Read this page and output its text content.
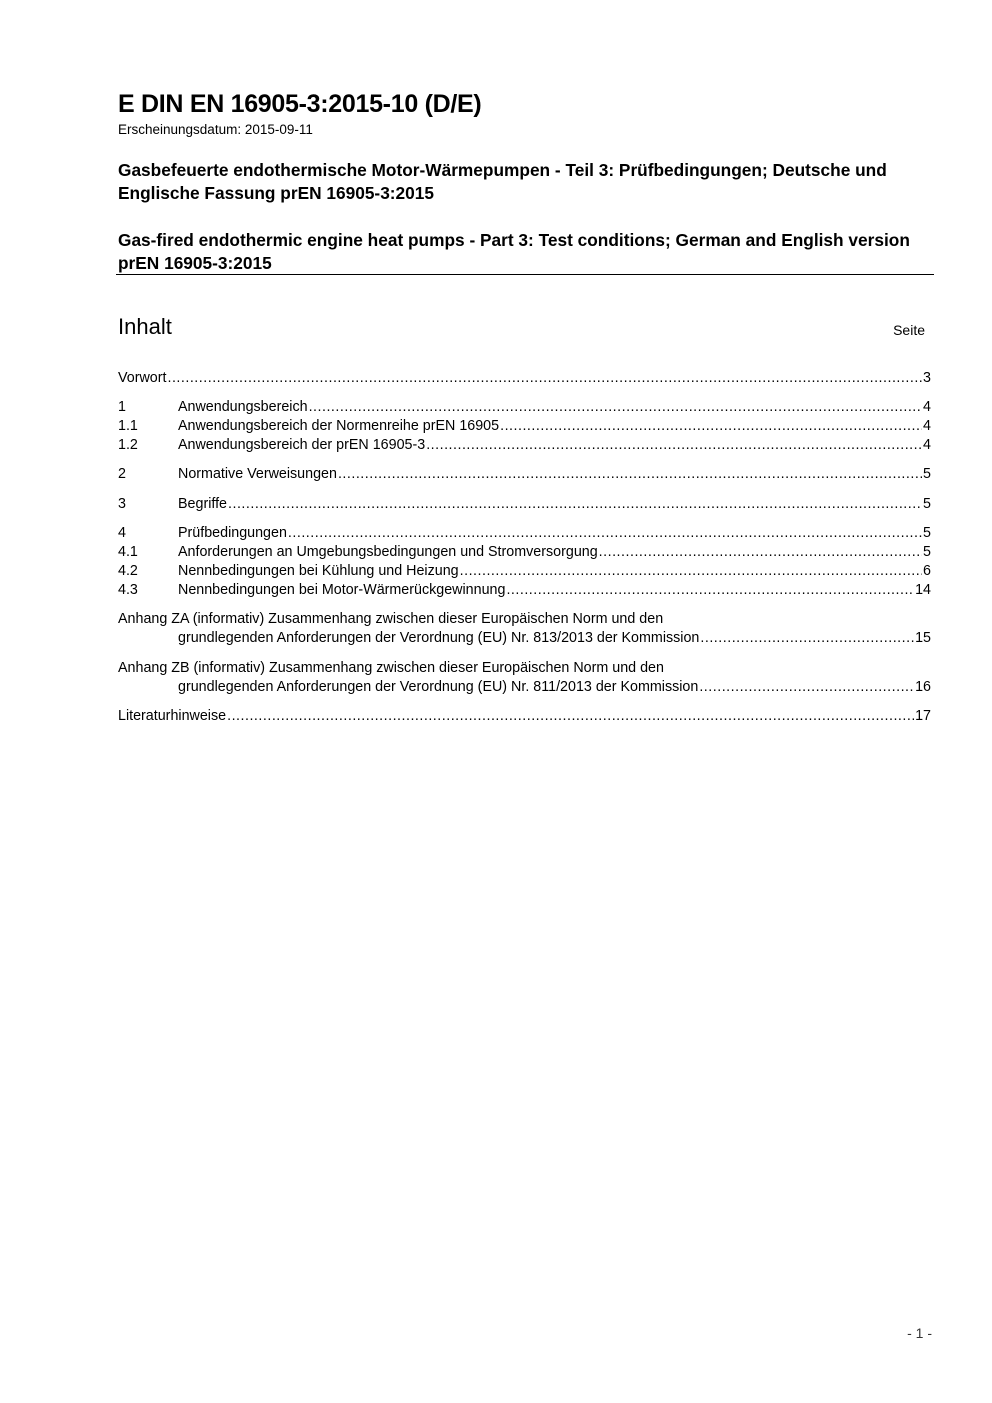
E DIN EN 16905-3:2015-10 (D/E)
Erscheinungsdatum: 2015-09-11
Gasbefeuerte endothermische Motor-Wärmepumpen - Teil 3: Prüfbedingungen; Deutsche und Englische Fassung prEN 16905-3:2015
Gas-fired endothermic engine heat pumps - Part 3: Test conditions; German and English version prEN 16905-3:2015
Inhalt	Seite
Vorwort .....	3
1	Anwendungsbereich .....	4
1.1	Anwendungsbereich der Normenreihe prEN 16905 .....	4
1.2	Anwendungsbereich der prEN 16905-3 .....	4
2	Normative Verweisungen .....	5
3	Begriffe .....	5
4	Prüfbedingungen .....	5
4.1	Anforderungen an Umgebungsbedingungen und Stromversorgung .....	5
4.2	Nennbedingungen bei Kühlung und Heizung .....	6
4.3	Nennbedingungen bei Motor-Wärmerückgewinnung .....	14
Anhang ZA (informativ) Zusammenhang zwischen dieser Europäischen Norm und den
grundlegenden Anforderungen der Verordnung (EU) Nr. 813/2013 der Kommission .....	15
Anhang ZB (informativ) Zusammenhang zwischen dieser Europäischen Norm und den
grundlegenden Anforderungen der Verordnung (EU) Nr. 811/2013 der Kommission .....	16
Literaturhinweise .....	17
- 1 -
